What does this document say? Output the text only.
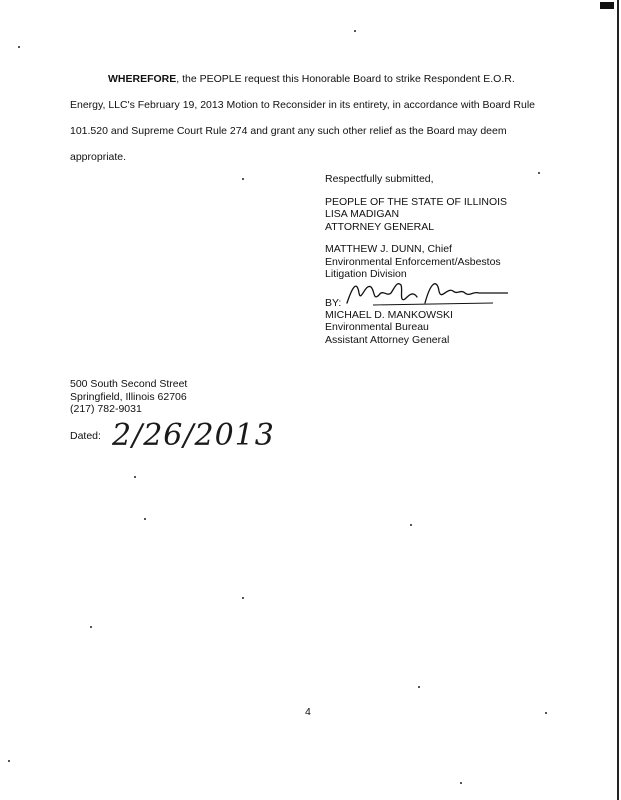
WHEREFORE, the PEOPLE request this Honorable Board to strike Respondent E.O.R. Energy, LLC's February 19, 2013 Motion to Reconsider in its entirety, in accordance with Board Rule 101.520 and Supreme Court Rule 274 and grant any such other relief as the Board may deem appropriate.

Respectfully submitted,
PEOPLE OF THE STATE OF ILLINOIS
LISA MADIGAN
ATTORNEY GENERAL
MATTHEW J. DUNN, Chief
Environmental Enforcement/Asbestos
Litigation Division
BY:
MICHAEL D. MANKOWSKI
Environmental Bureau
Assistant Attorney General
500 South Second Street
Springfield, Illinois 62706
(217) 782-9031
Dated: 2/26/2013
4
